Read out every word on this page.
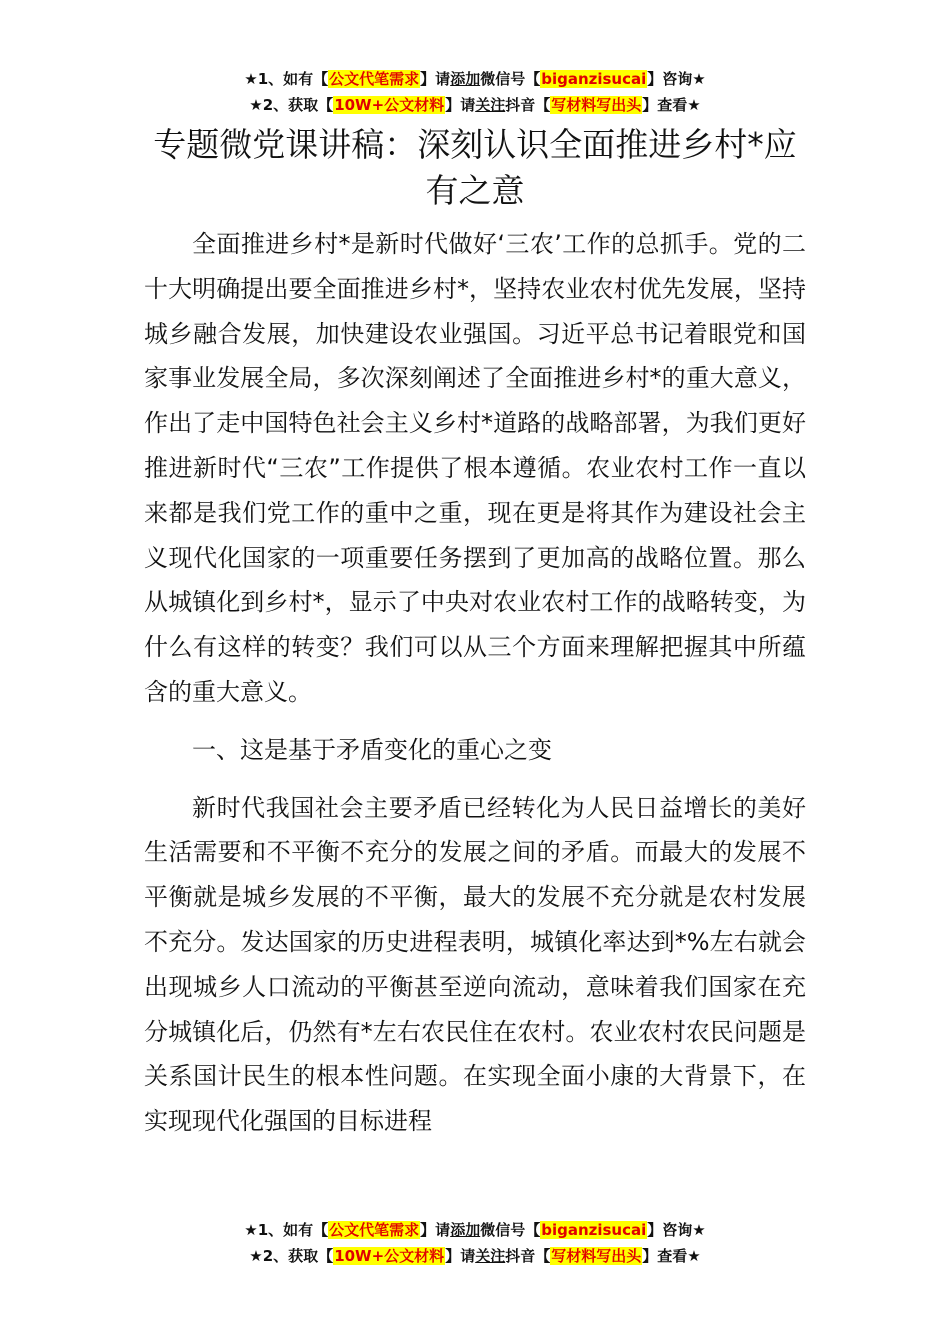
★1、如有【公文代笔需求】请添加微信号【biganzisucai】咨询★
★2、获取【10W+公文材料】请关注抖音【写材料写出头】查看★
专题微党课讲稿：深刻认识全面推进乡村*应有之意

全面推进乡村*是新时代做好‘三农’工作的总抓手。党的二十大明确提出要全面推进乡村*，坚持农业农村优先发展，坚持城乡融合发展，加快建设农业强国。习近平总书记着眼党和国家事业发展全局，多次深刻阐述了全面推进乡村*的重大意义，作出了走中国特色社会主义乡村*道路的战略部署，为我们更好推进新时代“三农”工作提供了根本遵循。农业农村工作一直以来都是我们党工作的重中之重，现在更是将其作为建设社会主义现代化国家的一项重要任务摆到了更加高的战略位置。那么从城镇化到乡村*，显示了中央对农业农村工作的战略转变，为什么有这样的转变？我们可以从三个方面来理解把握其中所蕴含的重大意义。

一、这是基于矛盾变化的重心之变

新时代我国社会主要矛盾已经转化为人民日益增长的美好生活需要和不平衡不充分的发展之间的矛盾。而最大的发展不平衡就是城乡发展的不平衡，最大的发展不充分就是农村发展不充分。发达国家的历史进程表明，城镇化率达到*%左右就会出现城乡人口流动的平衡甚至逆向流动，意味着我们国家在充分城镇化后，仍然有*左右农民住在农村。农业农村农民问题是关系国计民生的根本性问题。在实现全面小康的大背景下，在实现现代化强国的目标进程

★1、如有【公文代笔需求】请添加微信号【biganzisucai】咨询★
★2、获取【10W+公文材料】请关注抖音【写材料写出头】查看★
